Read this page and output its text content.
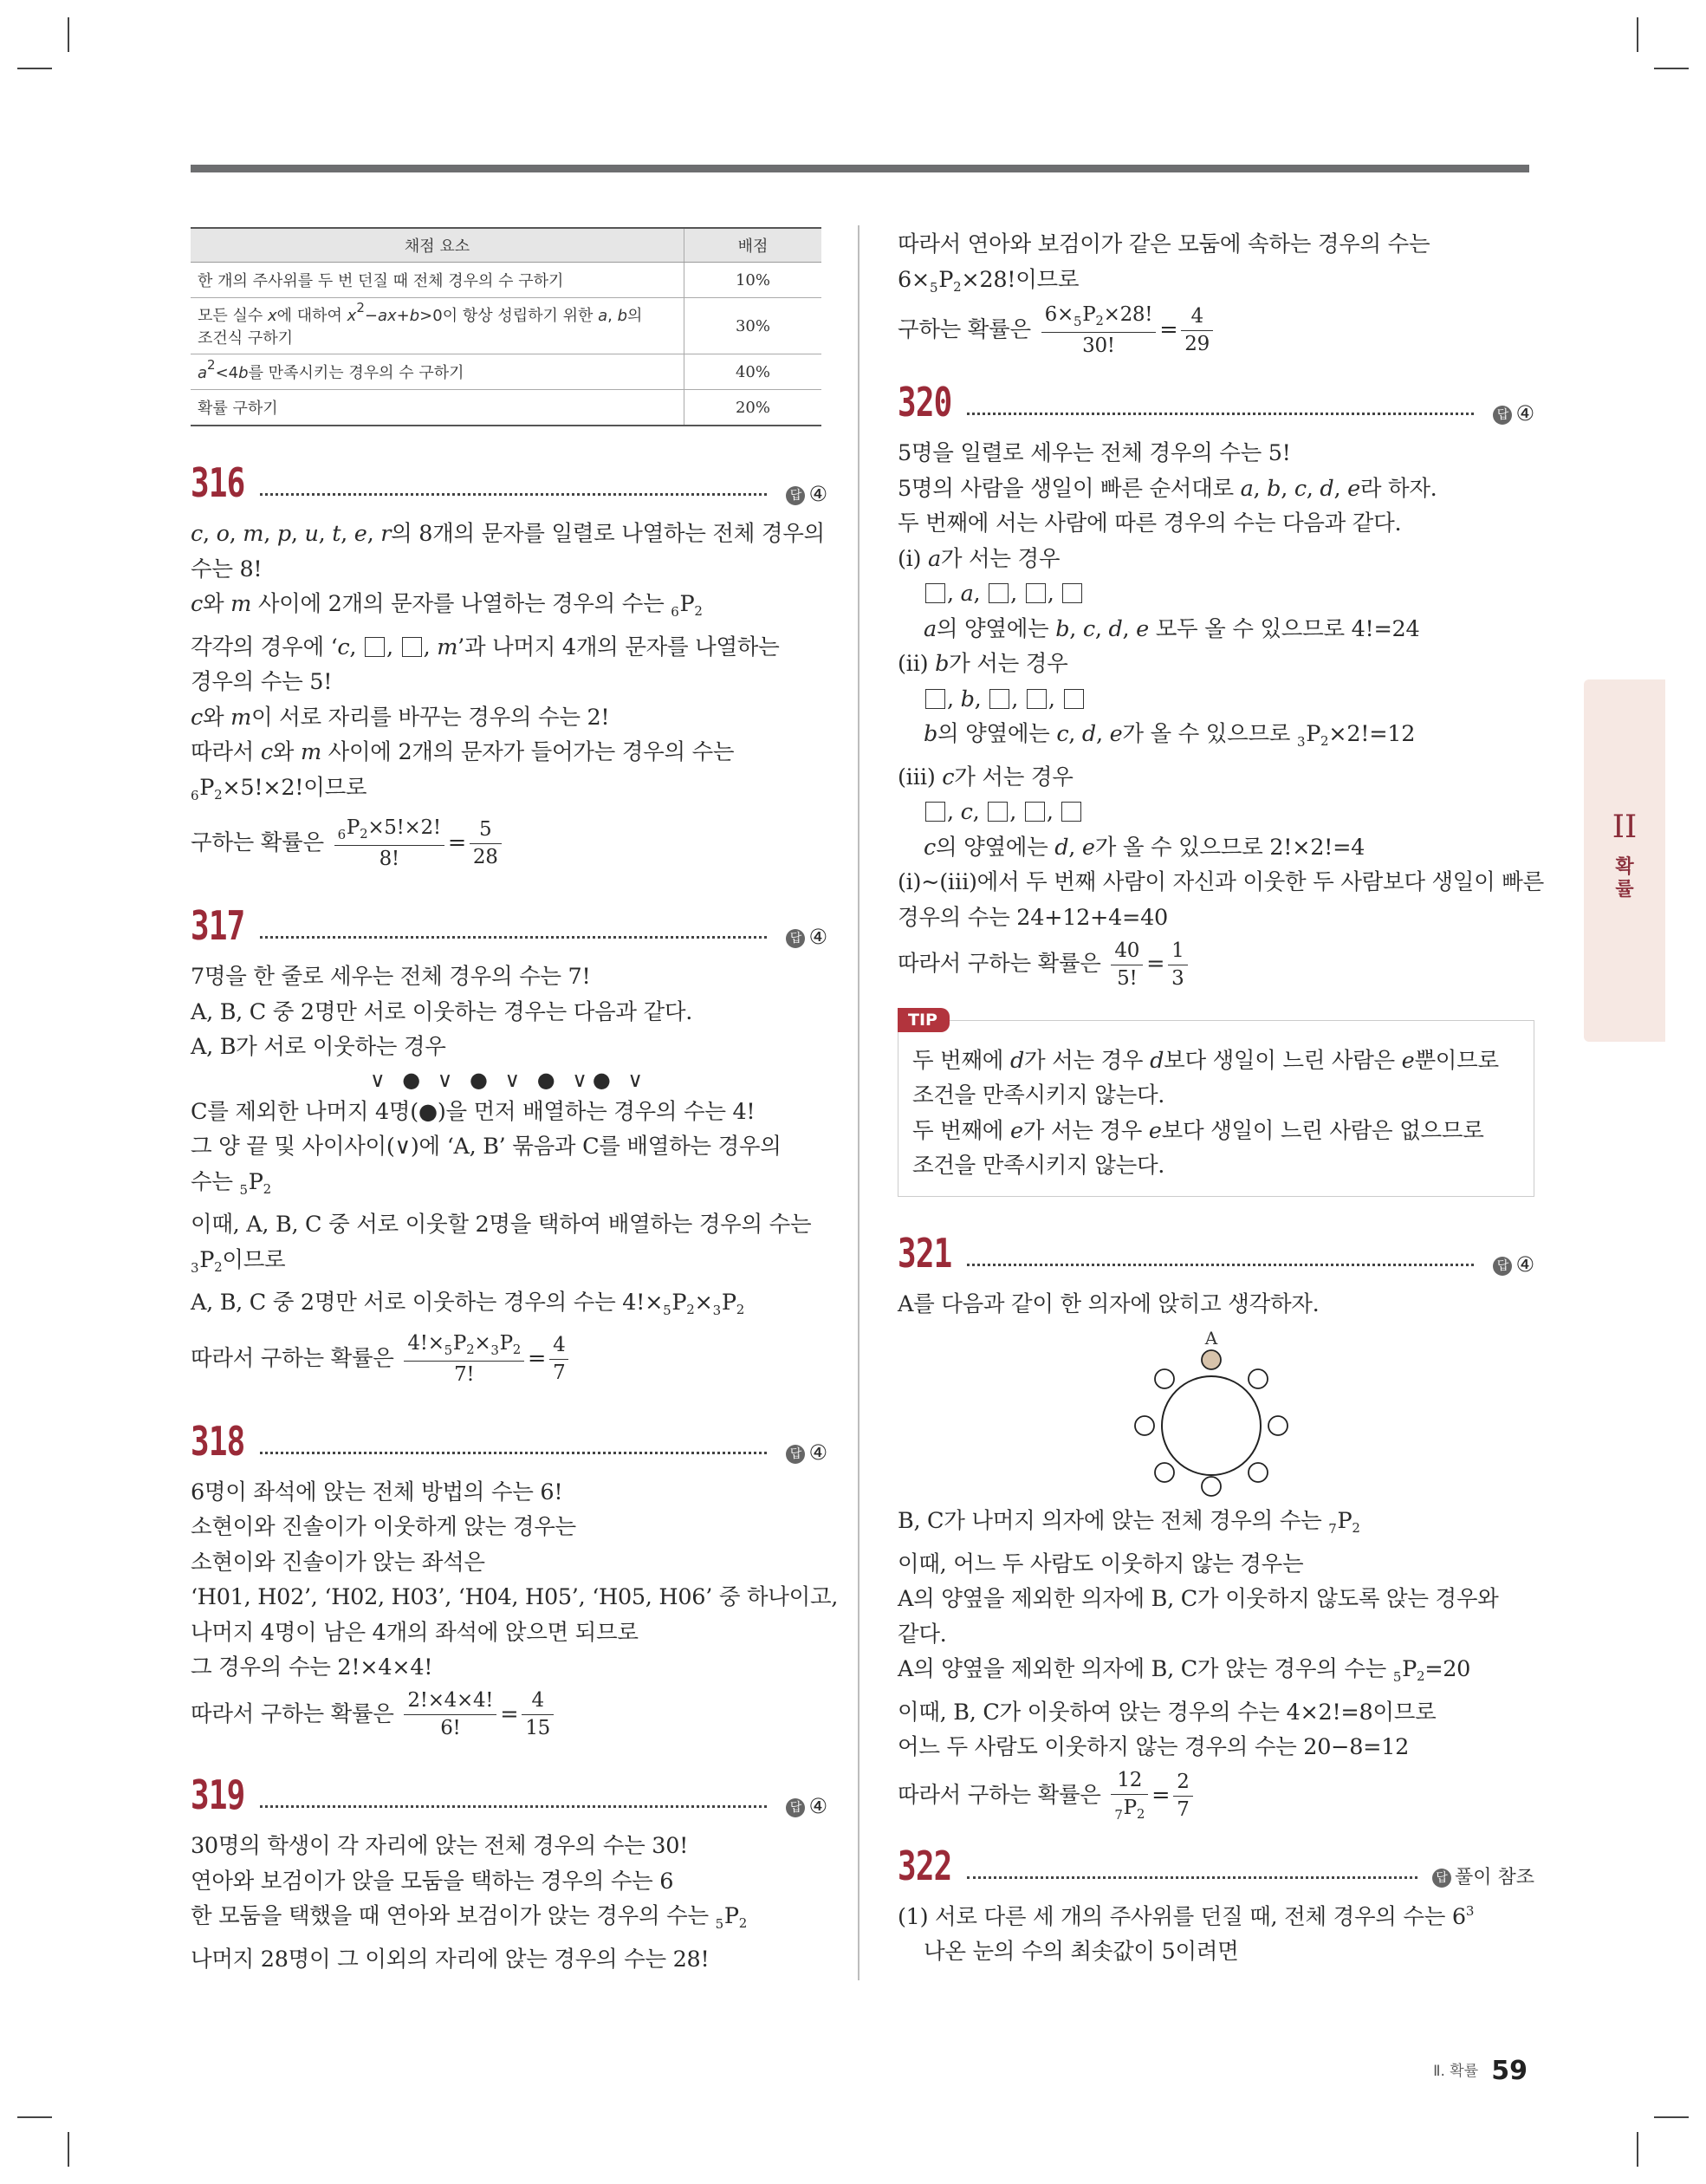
채점 요소	배점
한 개의 주사위를 두 번 던질 때 전체 경우의 수 구하기	10%
모든 실수 x에 대하여 $x^2-ax+b>0$이 항상 성립하기 위한 a, b의
조건식 구하기	30%
$a^2<4b$를 만족시키는 경우의 수 구하기	40%
확률 구하기	20%
316	답 ④
c, o, m, p, u, t, e, r의 8개의 문자를 일렬로 나열하는 전체 경우의
수는 8!
c와 m 사이에 2개의 문자를 나열하는 경우의 수는 $_6P_2$
각각의 경우에 ‘c, , , m’과 나머지 4개의 문자를 나열하는
경우의 수는 5!
c와 m이 서로 자리를 바꾸는 경우의 수는 2!
따라서 c와 m 사이에 2개의 문자가 들어가는 경우의 수는
$_6P_2\times 5!\times 2$!이므로
구하는 확률은 $\frac{_6P_2\times 5!\times 2!}{8!} = \frac{5}{28}$
317	답 ④
7명을 한 줄로 세우는 전체 경우의 수는 7!
A, B, C 중 2명만 서로 이웃하는 경우는 다음과 같다.
A, B가 서로 이웃하는 경우
∨ ● ∨ ● ∨ ● ∨● ∨
C를 제외한 나머지 4명(●)을 먼저 배열하는 경우의 수는 4!
그 양 끝 및 사이사이(∨)에 ‘A, B’ 묶음과 C를 배열하는 경우의
수는 $_5P_2$
이때, A, B, C 중 서로 이웃할 2명을 택하여 배열하는 경우의 수는
$_3P_2$이므로
A, B, C 중 2명만 서로 이웃하는 경우의 수는 $4!\times_5P_2\times_3P_2$
따라서 구하는 확률은 $\frac{4!\times_5P_2\times_3P_2}{7!} = \frac{4}{7}$
318	답 ④
6명이 좌석에 앉는 전체 방법의 수는 6!
소현이와 진솔이가 이웃하게 앉는 경우는
소현이와 진솔이가 앉는 좌석은
‘H01, H02’, ‘H02, H03’, ‘H04, H05’, ‘H05, H06’ 중 하나이고,
나머지 4명이 남은 4개의 좌석에 앉으면 되므로
그 경우의 수는 2!×4×4!
따라서 구하는 확률은 $\frac{2!\times 4\times 4!}{6!} = \frac{4}{15}$
319	답 ④
30명의 학생이 각 자리에 앉는 전체 경우의 수는 30!
연아와 보검이가 앉을 모둠을 택하는 경우의 수는 6
한 모둠을 택했을 때 연아와 보검이가 앉는 경우의 수는 $_5P_2$
나머지 28명이 그 이외의 자리에 앉는 경우의 수는 28!
따라서 연아와 보검이가 같은 모둠에 속하는 경우의 수는
$6\times_5P_2\times 28$!이므로
구하는 확률은 $\frac{6\times_5P_2\times 28!}{30!} = \frac{4}{29}$
320	답 ④
5명을 일렬로 세우는 전체 경우의 수는 5!
5명의 사람을 생일이 빠른 순서대로 a, b, c, d, e라 하자.
두 번째에 서는 사람에 따른 경우의 수는 다음과 같다.
(ⅰ) a가 서는 경우
, a, , ,
a의 양옆에는 b, c, d, e 모두 올 수 있으므로 4!=24
(ⅱ) b가 서는 경우
, b, , ,
b의 양옆에는 c, d, e가 올 수 있으므로 $_3P_2\times 2!=12$
(ⅲ) c가 서는 경우
, c, , ,
c의 양옆에는 d, e가 올 수 있으므로 2!×2!=4
(ⅰ)~(ⅲ)에서 두 번째 사람이 자신과 이웃한 두 사람보다 생일이 빠른
경우의 수는 24+12+4=40
따라서 구하는 확률은 $\frac{40}{5!} = \frac{1}{3}$
TIP
두 번째에 d가 서는 경우 d보다 생일이 느린 사람은 e뿐이므로
조건을 만족시키지 않는다.
두 번째에 e가 서는 경우 e보다 생일이 느린 사람은 없으므로
조건을 만족시키지 않는다.
321	답 ④
A를 다음과 같이 한 의자에 앉히고 생각하자.
A
B, C가 나머지 의자에 앉는 전체 경우의 수는 $_7P_2$
이때, 어느 두 사람도 이웃하지 않는 경우는
A의 양옆을 제외한 의자에 B, C가 이웃하지 않도록 앉는 경우와
같다.
A의 양옆을 제외한 의자에 B, C가 앉는 경우의 수는 $_5P_2=20$
이때, B, C가 이웃하여 앉는 경우의 수는 4×2!=8이므로
어느 두 사람도 이웃하지 않는 경우의 수는 20−8=12
따라서 구하는 확률은 $\frac{12}{_7P_2} = \frac{2}{7}$
322	답 풀이 참조
(1) 서로 다른 세 개의 주사위를 던질 때, 전체 경우의 수는 $6^3$
나온 눈의 수의 최솟값이 5이려면
II
확
률
Ⅱ. 확률 59
